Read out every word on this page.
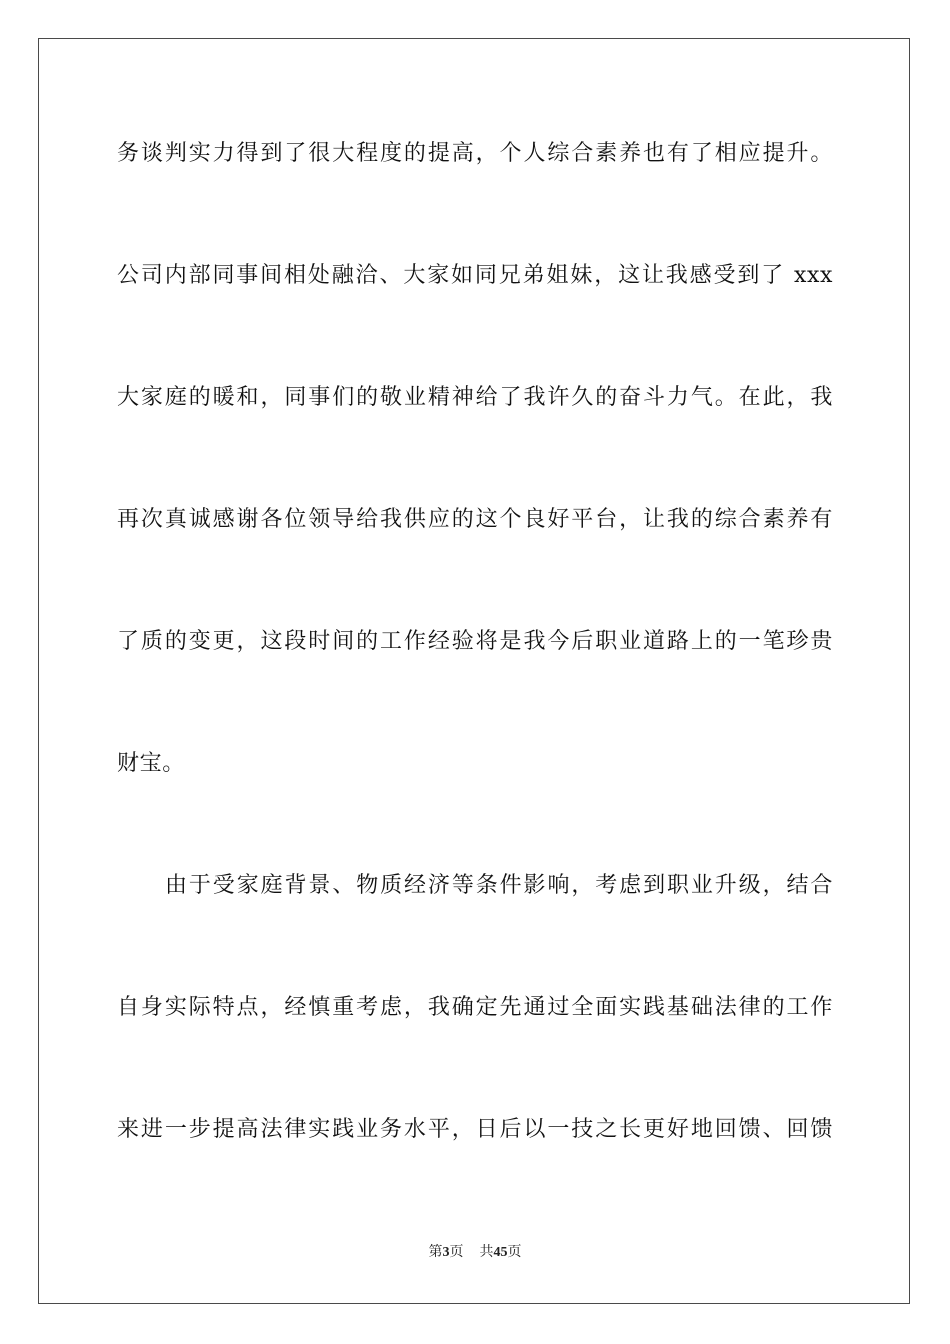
务谈判实力得到了很大程度的提高，个人综合素养也有了相应提升。
公司内部同事间相处融洽、大家如同兄弟姐妹，这让我感受到了 xxx
大家庭的暖和，同事们的敬业精神给了我许久的奋斗力气。在此，我
再次真诚感谢各位领导给我供应的这个良好平台，让我的综合素养有
了质的变更，这段时间的工作经验将是我今后职业道路上的一笔珍贵
财宝。
由于受家庭背景、物质经济等条件影响，考虑到职业升级，结合
自身实际特点，经慎重考虑，我确定先通过全面实践基础法律的工作
来进一步提高法律实践业务水平，日后以一技之长更好地回馈、回馈
第3页 共45页
